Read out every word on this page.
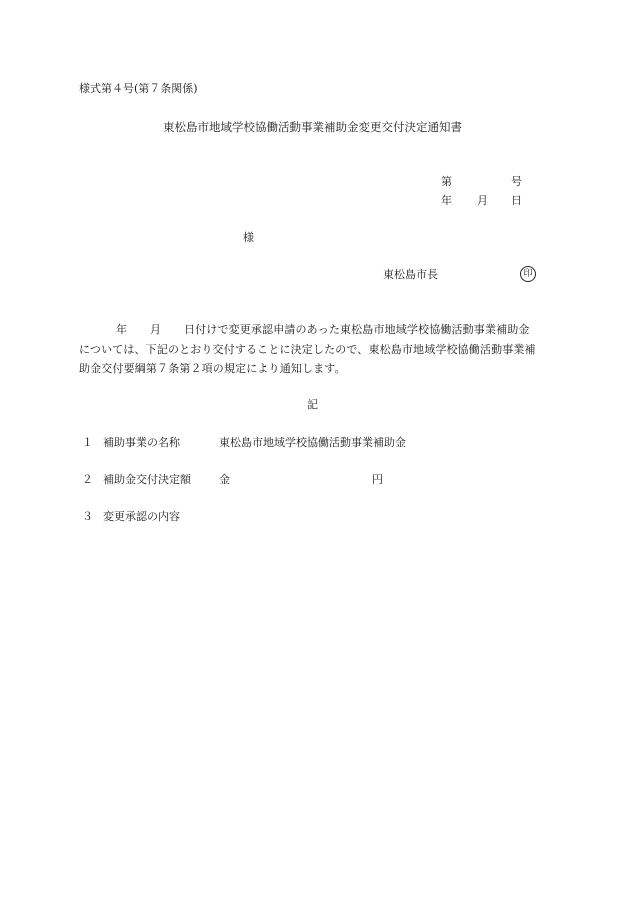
様式第４号(第７条関係)
東松島市地域学校協働活動事業補助金変更交付決定通知書
第	号
年 月 日
様
東松島市長	印
年 月 日付けで変更承認申請のあった東松島市地域学校協働活動事業補助金
については、下記のとおり交付することに決定したので、東松島市地域学校協働活動事業補
助金交付要綱第７条第２項の規定により通知します。
記
１ 補助事業の名称	東松島市地域学校協働活動事業補助金
２ 補助金交付決定額	金	円
３ 変更承認の内容
